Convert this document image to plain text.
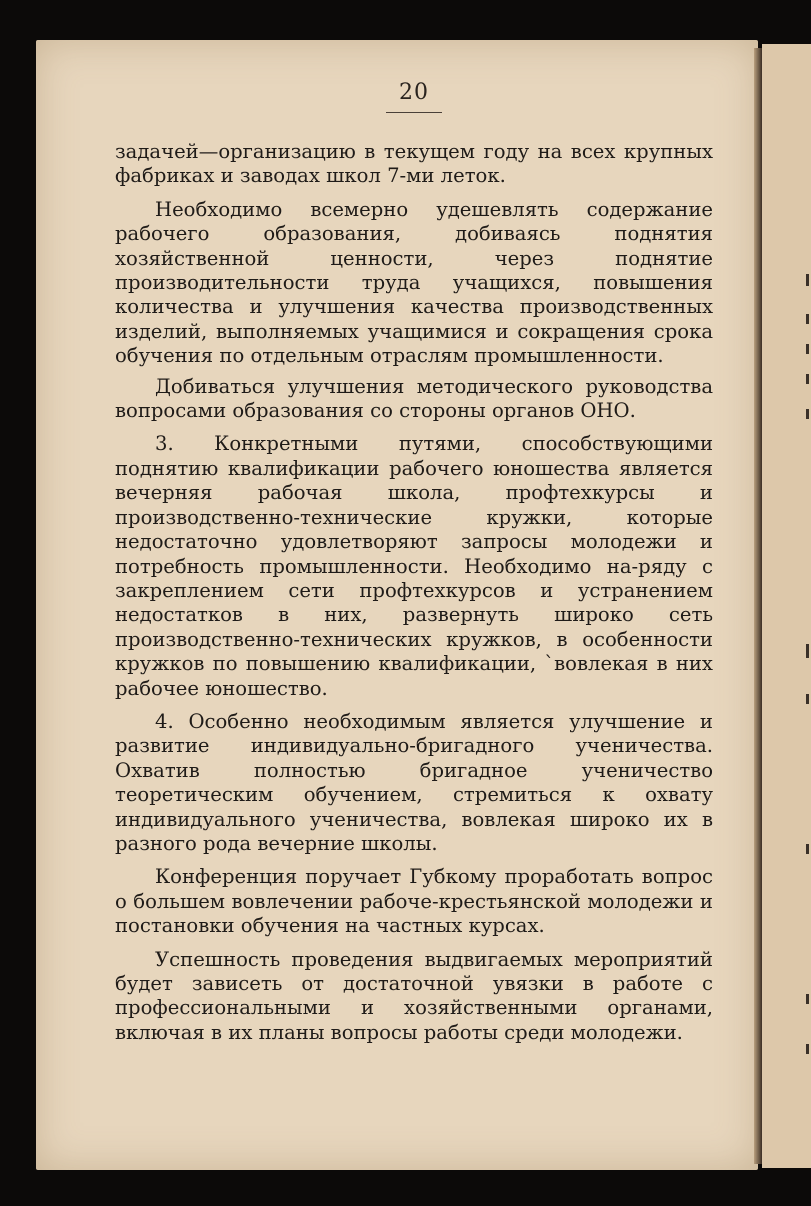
20

задачей—организацию в текущем году на всех крупных фабриках и заводах школ 7-ми леток.

Необходимо всемерно удешевлять содержание рабочего образования, добиваясь поднятия хозяйственной ценности, через поднятие производительности труда учащихся, повышения количества и улучшения качества производственных изделий, выполняемых учащимися и сокращения срока обучения по отдельным отраслям промышленности.

Добиваться улучшения методического руководства вопросами образования со стороны органов ОНО.

3. Конкретными путями, способствующими поднятию квалификации рабочего юношества является вечерняя рабочая школа, профтехкурсы и производственно-технические кружки, которые недостаточно удовлетворяют запросы молодежи и потребность промышленности. Необходимо на-ряду с закреплением сети профтехкурсов и устранением недостатков в них, развернуть широко сеть производственно-технических кружков, в особенности кружков по повышению квалификации, `вовлекая в них рабочее юношество.

4. Особенно необходимым является улучшение и развитие индивидуально-бригадного ученичества. Охватив полностью бригадное ученичество теоретическим обучением, стремиться к охвату индивидуального ученичества, вовлекая широко их в разного рода вечерние школы.

Конференция поручает Губкому проработать вопрос о большем вовлечении рабоче-крестьянской молодежи и постановки обучения на частных курсах.

Успешность проведения выдвигаемых мероприятий будет зависеть от достаточной увязки в работе с профессиональными и хозяйственными органами, включая в их планы вопросы работы среди молодежи.
